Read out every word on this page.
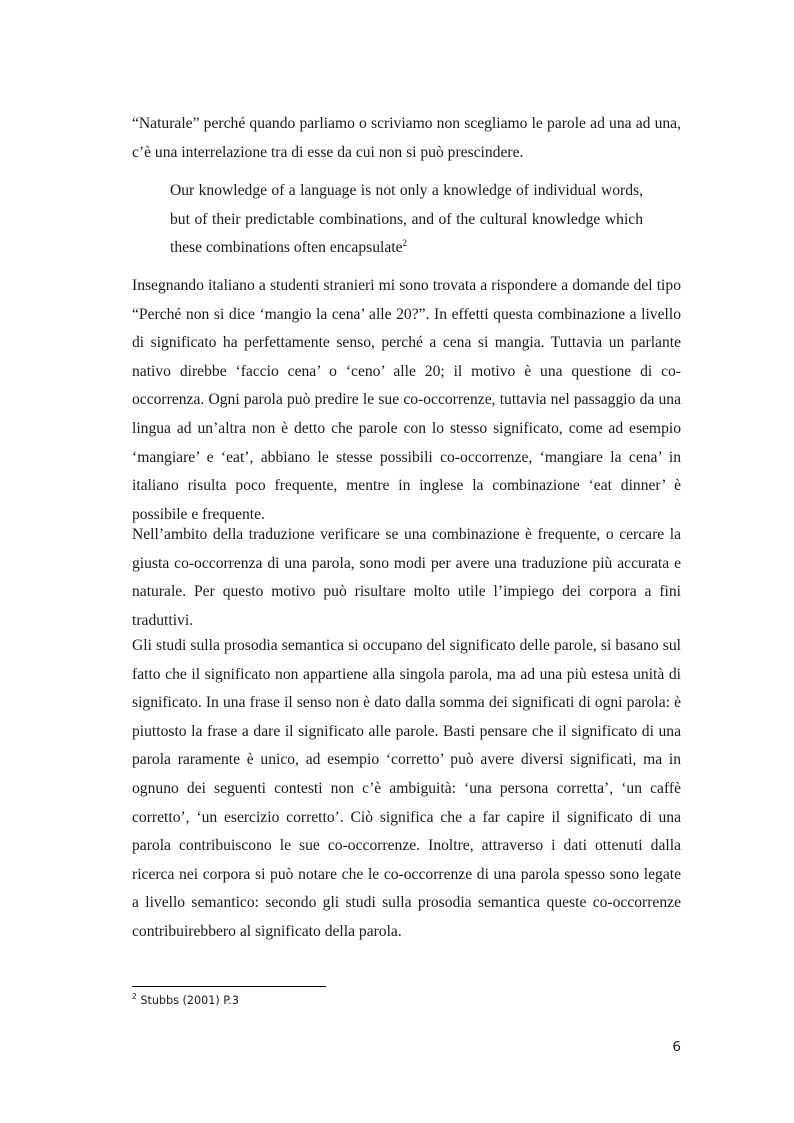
“Naturale” perché quando parliamo o scriviamo non scegliamo le parole ad una ad una, c’è una interrelazione tra di esse da cui non si può prescindere.

Our knowledge of a language is not only a knowledge of individual words, but of their predictable combinations, and of the cultural knowledge which these combinations often encapsulate$^2$

Insegnando italiano a studenti stranieri mi sono trovata a rispondere a domande del tipo “Perché non si dice ‘mangio la cena’ alle 20?”. In effetti questa combinazione a livello di significato ha perfettamente senso, perché a cena si mangia. Tuttavia un parlante nativo direbbe ‘faccio cena’ o ‘ceno’ alle 20; il motivo è una questione di co-occorrenza. Ogni parola può predire le sue co-occorrenze, tuttavia nel passaggio da una lingua ad un’altra non è detto che parole con lo stesso significato, come ad esempio ‘mangiare’ e ‘eat’, abbiano le stesse possibili co-occorrenze, ‘mangiare la cena’ in italiano risulta poco frequente, mentre in inglese la combinazione ‘eat dinner’ è possibile e frequente.

Nell’ambito della traduzione verificare se una combinazione è frequente, o cercare la giusta co-occorrenza di una parola, sono modi per avere una traduzione più accurata e naturale. Per questo motivo può risultare molto utile l’impiego dei corpora a fini traduttivi.

Gli studi sulla prosodia semantica si occupano del significato delle parole, si basano sul fatto che il significato non appartiene alla singola parola, ma ad una più estesa unità di significato. In una frase il senso non è dato dalla somma dei significati di ogni parola: è piuttosto la frase a dare il significato alle parole. Basti pensare che il significato di una parola raramente è unico, ad esempio ‘corretto’ può avere diversi significati, ma in ognuno dei seguenti contesti non c’è ambiguità: ‘una persona corretta’, ‘un caffè corretto’, ‘un esercizio corretto’. Ciò significa che a far capire il significato di una parola contribuiscono le sue co-occorrenze. Inoltre, attraverso i dati ottenuti dalla ricerca nei corpora si può notare che le co-occorrenze di una parola spesso sono legate a livello semantico: secondo gli studi sulla prosodia semantica queste co-occorrenze contribuirebbero al significato della parola.

$^2$ Stubbs (2001) P.3
6
